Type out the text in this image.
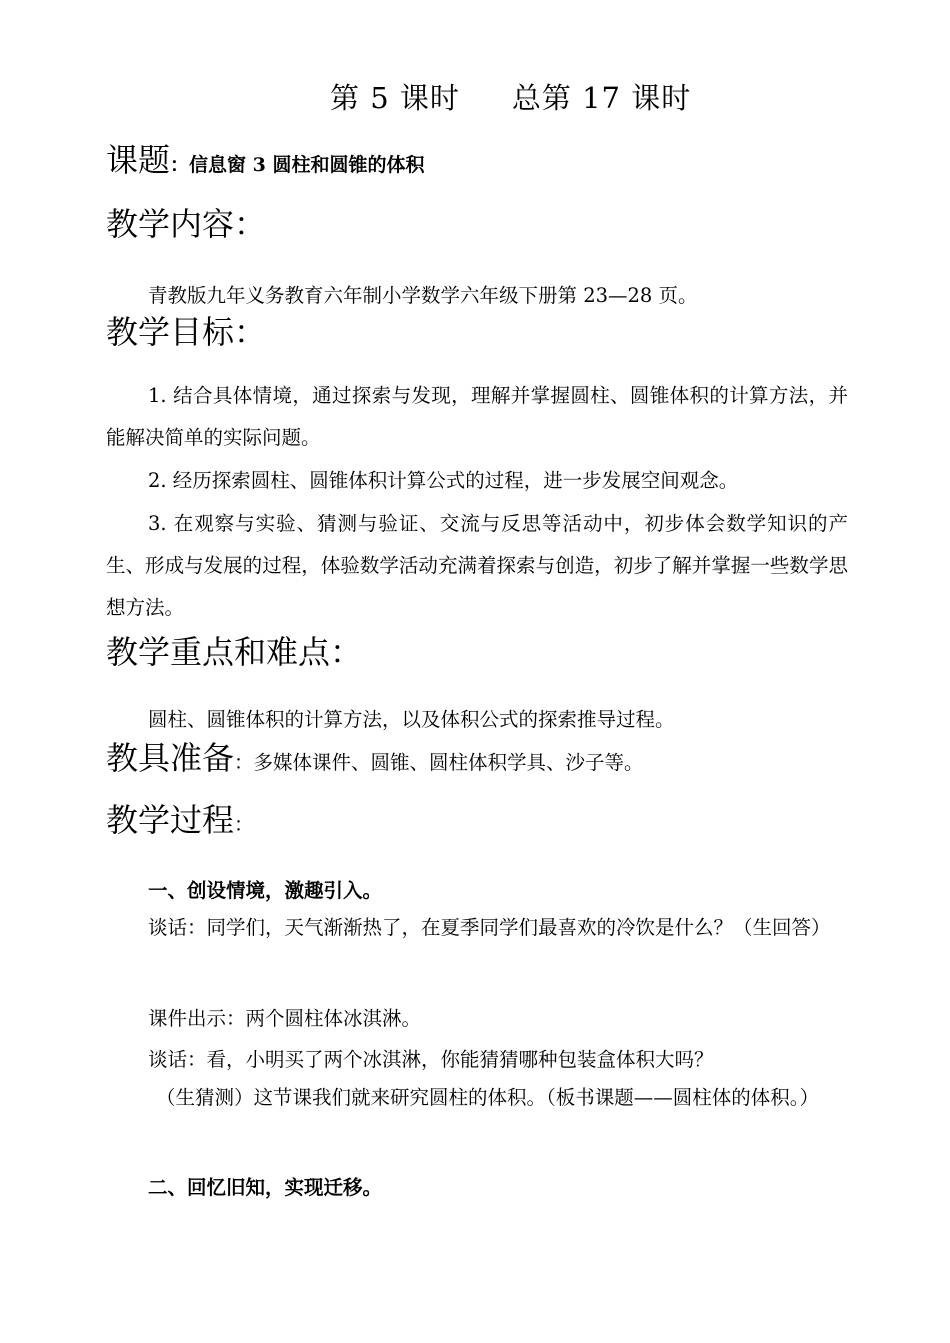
第 5 课时 总第 17 课时
课题：信息窗 3 圆柱和圆锥的体积
教学内容：
青教版九年义务教育六年制小学数学六年级下册第 23—28 页。
教学目标：
1. 结合具体情境，通过探索与发现，理解并掌握圆柱、圆锥体积的计算方法，并能解决简单的实际问题。
2. 经历探索圆柱、圆锥体积计算公式的过程，进一步发展空间观念。
3. 在观察与实验、猜测与验证、交流与反思等活动中，初步体会数学知识的产生、形成与发展的过程，体验数学活动充满着探索与创造，初步了解并掌握一些数学思想方法。
教学重点和难点：
圆柱、圆锥体积的计算方法，以及体积公式的探索推导过程。
教具准备：多媒体课件、圆锥、圆柱体积学具、沙子等。
教学过程：
一、创设情境，激趣引入。
谈话：同学们，天气渐渐热了，在夏季同学们最喜欢的冷饮是什么？（生回答）
课件出示：两个圆柱体冰淇淋。
谈话：看，小明买了两个冰淇淋，你能猜猜哪种包装盒体积大吗？
（生猜测）这节课我们就来研究圆柱的体积。（板书课题——圆柱体的体积。）
二、回忆旧知，实现迁移。
